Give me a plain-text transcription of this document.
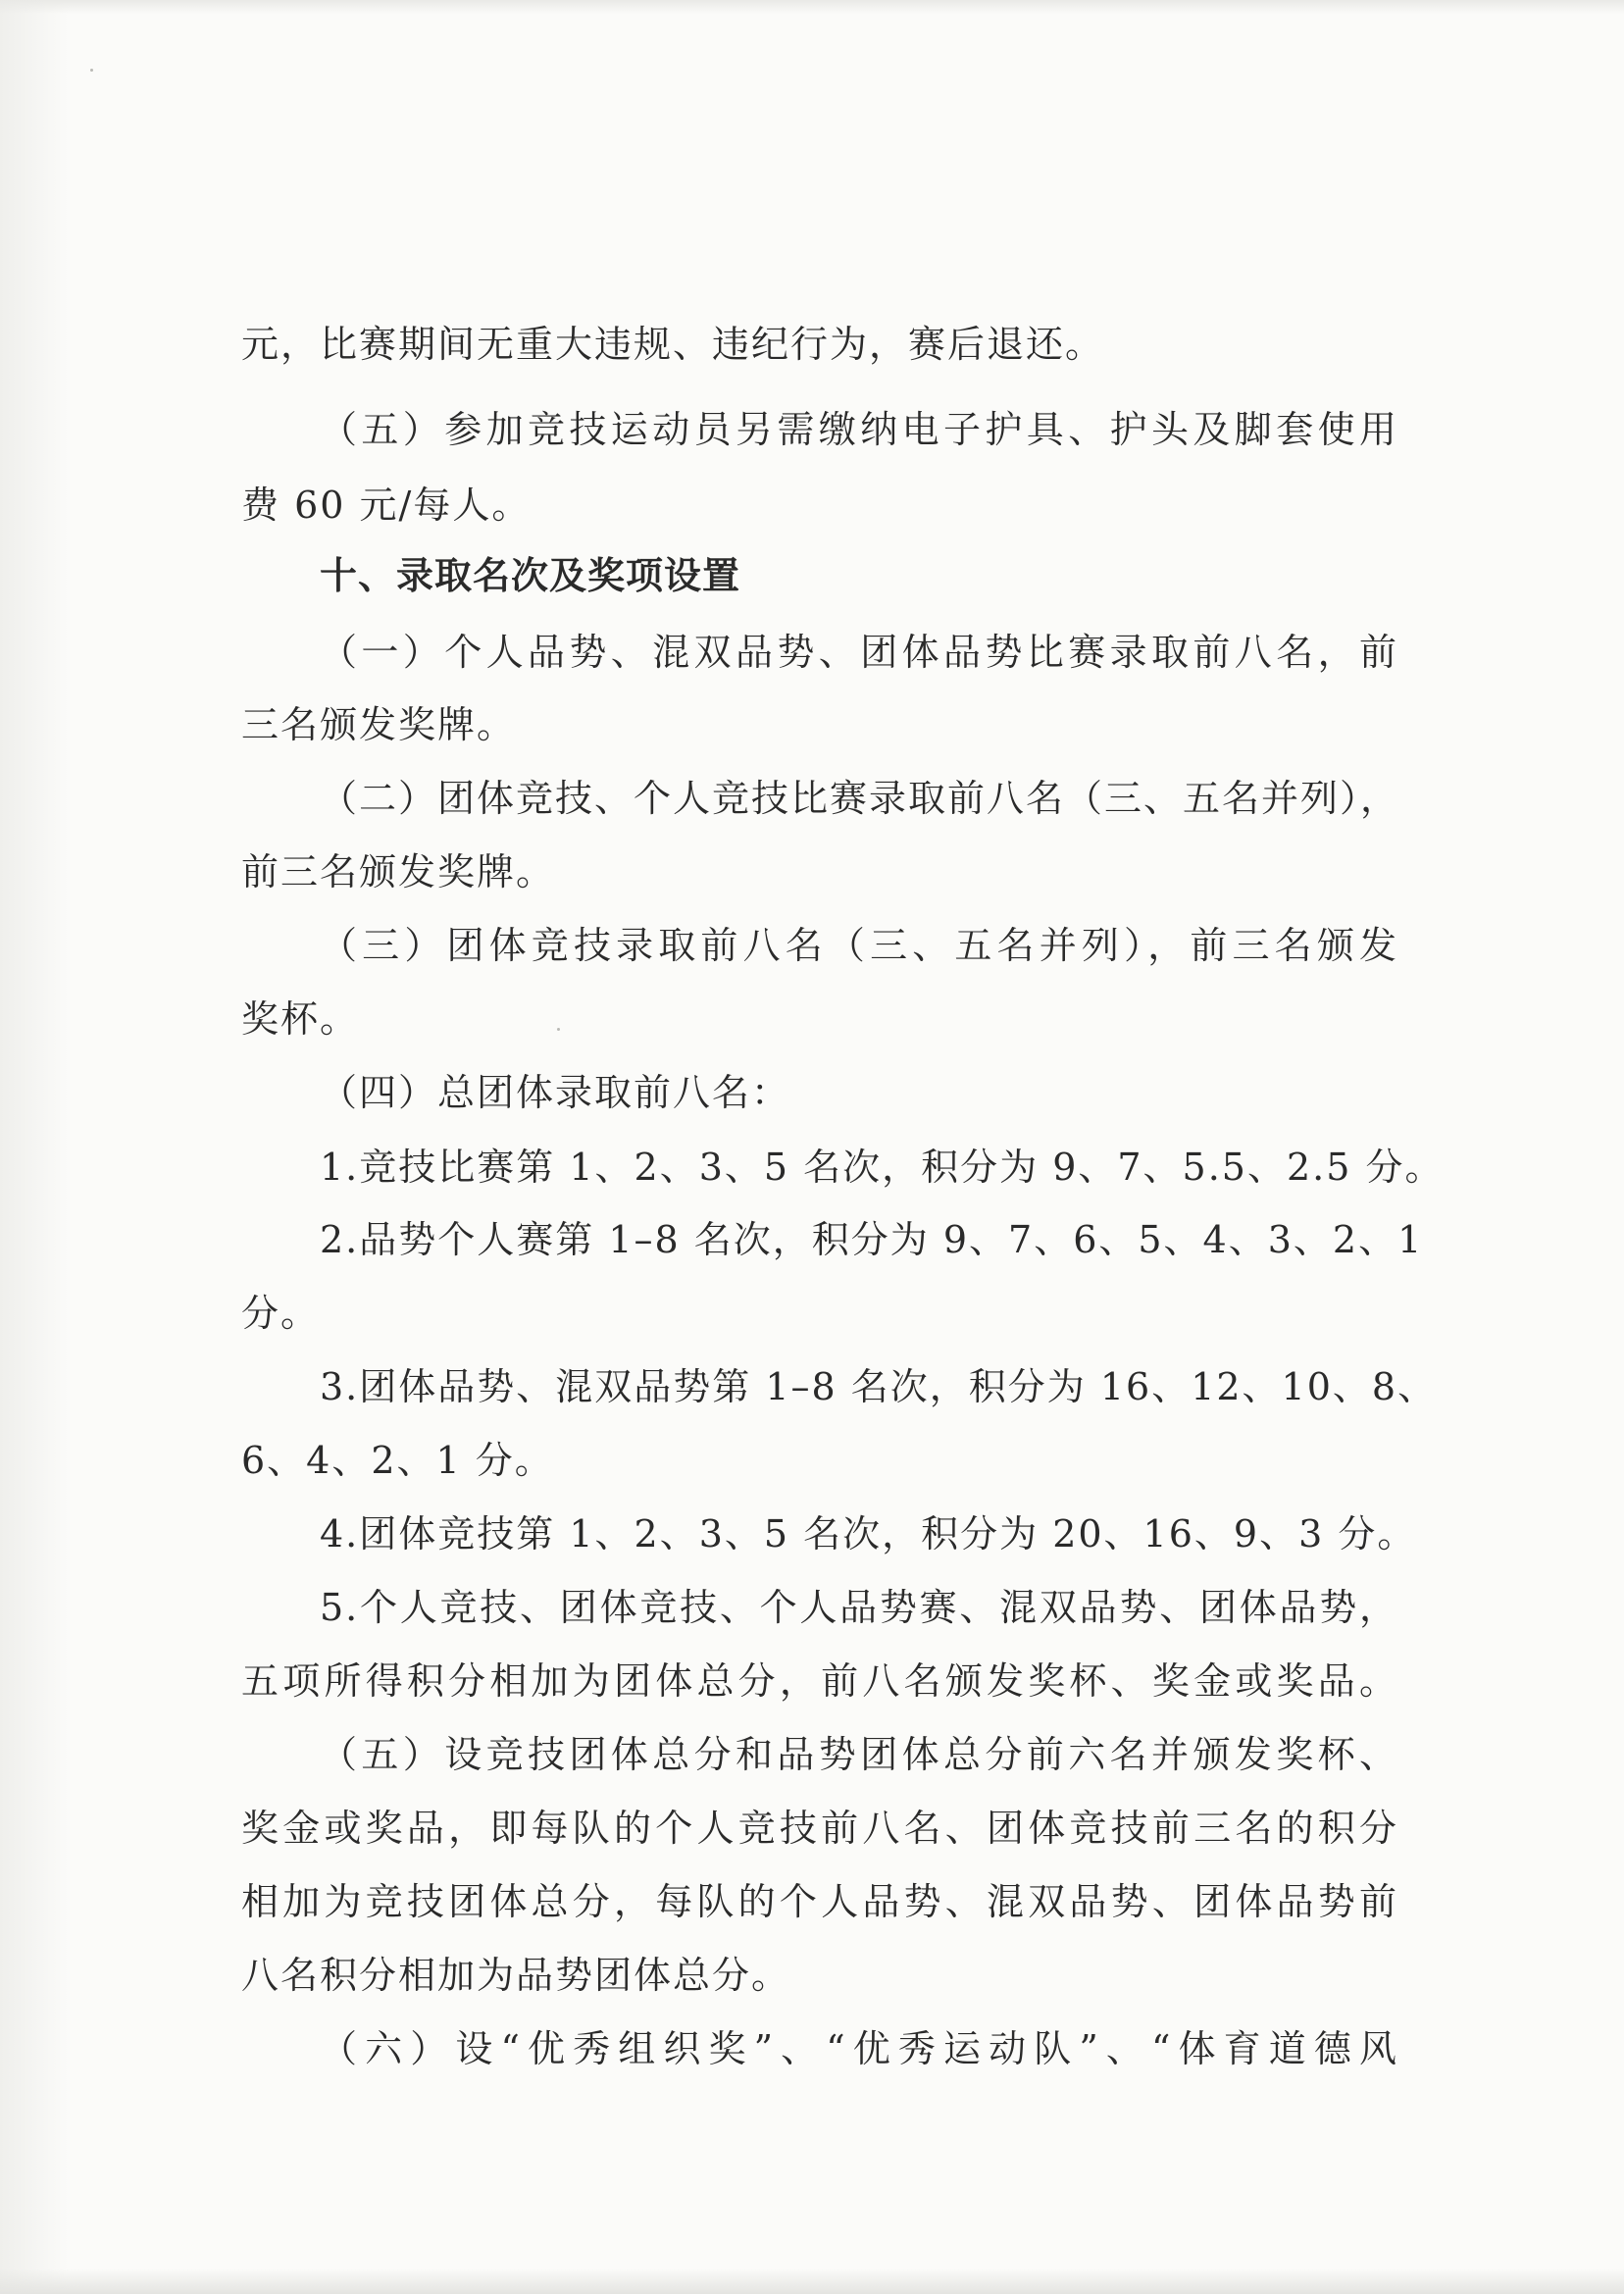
元，比赛期间无重大违规、违纪行为，赛后退还。

（五）参加竞技运动员另需缴纳电子护具、护头及脚套使用

费 60 元/每人。

十、录取名次及奖项设置

（一）个人品势、混双品势、团体品势比赛录取前八名，前

三名颁发奖牌。

（二）团体竞技、个人竞技比赛录取前八名（三、五名并列），

前三名颁发奖牌。

（三）团体竞技录取前八名（三、五名并列），前三名颁发

奖杯。

（四）总团体录取前八名：

1.竞技比赛第 1、2、3、5 名次，积分为 9、7、5.5、2.5 分。

2.品势个人赛第 1–8 名次，积分为 9、7、6、5、4、3、2、1

分。

3.团体品势、混双品势第 1–8 名次，积分为 16、12、10、8、

6、4、2、1 分。

4.团体竞技第 1、2、3、5 名次，积分为 20、16、9、3 分。

5.个人竞技、团体竞技、个人品势赛、混双品势、团体品势，

五项所得积分相加为团体总分，前八名颁发奖杯、奖金或奖品。

（五）设竞技团体总分和品势团体总分前六名并颁发奖杯、

奖金或奖品，即每队的个人竞技前八名、团体竞技前三名的积分

相加为竞技团体总分，每队的个人品势、混双品势、团体品势前

八名积分相加为品势团体总分。

（六）设“优秀组织奖”、“优秀运动队”、“体育道德风
